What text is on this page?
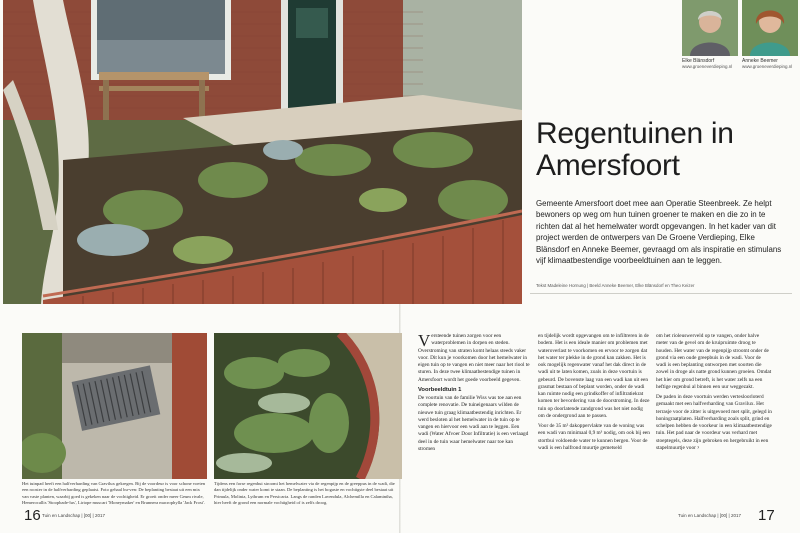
Elke Blänsdorf
www.groeneverdieping.nl
Anneke Beemer
www.groeneverdieping.nl
Regentuinen in
Amersfoort

Gemeente Amersfoort doet mee aan Operatie Steenbreek. Ze helpt bewoners op weg om hun tuinen groener te maken en die zo in te richten dat al het hemelwater wordt opgevangen. In het kader van dit project werden de ontwerpers van De Groene Verdieping, Elke Blänsdorf en Anneke Beemer, gevraagd om als inspiratie en stimulans vijf klimaatbestendige voorbeeldtuinen aan te leggen.

Tekst Madeleine Hornung | Beeld Anneke Beemer, Elke Blänsdorf en Theo Keizer

Het tuinpad heeft een halfverharding van Gravilux gekregen. Bij de voordeur is voor schone voeten een rooster in de halfverharding geplaatst. Foto gehaal bu-ven: De beplanting bestaat uit een mix van vaste planten, waarbij goed is gekeken naar de vochtigheid. Er groeit onder meer Geum rivale, Hemerocallis 'Stoopbade-lus', Liriope muscari 'Moneymaker' en Brunnera macrophylla 'Jack Frost'.

Tijdens een forse regenbui stroomt het hemelwater via de regenpijp en de greeppus in de wadi, die dan tijdelijk onder water komt te staan. De beplanting is het bogaste en vochtigste deel bestaat uit Primula, Molinia, Lythrum en Persicaria. Langs de randen Lavendula, Alchemilla en Calamintha, hier heeft de grond een normale vochtigheid of is zelfs droog.

Versteende tuinen zorgen voor een waterproblemen in dorpen en steden. Overstroming van straten komt helaas steeds vaker voor. Dit kun je voorkomen door het hemelwater in eigen tuin op te vangen en niet meer naar het riool te sturen. In deze twee klimaatbestendige tuinen in Amersfoort wordt het goede voorbeeld gegeven.

Voorbeeldtuin 1

De voortuin van de familie Wiss was toe aan een complete renovatie. De tuineigenaars wilden de nieuwe tuin graag klimaatbestendig inrichten. Er werd besloten al het hemelwater in de tuin op te vangen en hiervoor een wadi aan te leggen. Een wadi (Water Afvoer Door Infiltratie) is een verlaagd deel in de tuin waar hemelwater naar toe kan stromen

en tijdelijk wordt opgevangen om te infiltreren in de bodem. Het is een ideale manier om problemen met wateroverlast te voorkomen en ervoor te zorgen dat het water ter plekke in de grond kan zakken. Het is ook mogelijk regenwater vanaf het dak direct in de wadi uit te laten komen, zoals in deze voortuin is gebeurd. De bovenste laag van een wadi kan uit een grasmat bestaan of beplant worden, onder de wadi kan ruimte nodig een grindkoffer of infiltratiekrat komen ter bevordering van de doorstroming. In deze tuin op doorlatende zandgrond was het niet nodig om de ondergrond aan te passen.

Voor de 35 m² dakoppervlakte van de woning was een wadi van minimaal 0,9 m³ nodig, om ook bij een stortbui voldoende water te kunnen bergen. Voor de wadi is een halfrond muurtje gemetseld

om het rioleuswerveld op te vangen, onder halve meter van de gevel om de kruipruimte droog te houden. Het water van de regenpijp stroomt onder de grond via een oude greepbuis in de wadi. Voor de wadi is een beplanting ontworpen met soorten die zowel in droge als natte grond kunnen groeien. Omdat het hier om grond betreft, is het water zelfs na een heftige regenbui al binnen een uur weggezakt.

De paden in deze voortuin werden vertesloorloterd gemaakt met een halfverharding van Gravilux. Het terrasje voor de zitter is uitgevoerd met split, gelegd in honingraatplaten. Halfverharding zoals split, grind en schelpen hebben de voorkeur in een klimaatbestendige tuin. Het pad naar de voordeur was verhard met stoeptegels, deze zijn gebroken en hergebruikt in een stapelmuurtje voor ›

16 Tuin en Landschap | [00] | 2017	Tuin en Landschap | [00] | 2017 17
